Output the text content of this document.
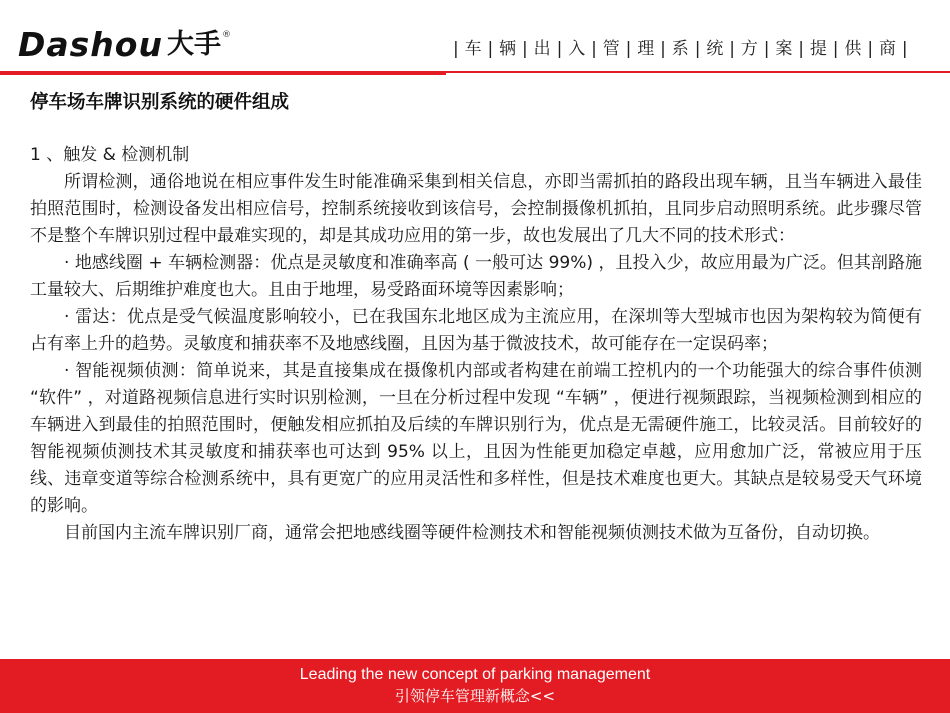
Dashou 大手 ®
|车|辆|出|入|管|理|系|统|方|案|提|供|商|
停车场车牌识别系统的硬件组成

1 、触发 & 检测机制

所谓检测，通俗地说在相应事件发生时能准确采集到相关信息，亦即当需抓拍的路段出现车辆，且当车辆进入最佳拍照范围时，检测设备发出相应信号，控制系统接收到该信号，会控制摄像机抓拍，且同步启动照明系统。此步骤尽管不是整个车牌识别过程中最难实现的，却是其成功应用的第一步，故也发展出了几大不同的技术形式：

· 地感线圈 + 车辆检测器：优点是灵敏度和准确率高 ( 一般可达 99%) ，且投入少，故应用最为广泛。但其剖路施工量较大、后期维护难度也大。且由于地埋，易受路面环境等因素影响；

· 雷达：优点是受气候温度影响较小，已在我国东北地区成为主流应用，在深圳等大型城市也因为架构较为简便有占有率上升的趋势。灵敏度和捕获率不及地感线圈，且因为基于微波技术，故可能存在一定误码率；

· 智能视频侦测：简单说来，其是直接集成在摄像机内部或者构建在前端工控机内的一个功能强大的综合事件侦测 “软件” ，对道路视频信息进行实时识别检测，一旦在分析过程中发现 “车辆” ，便进行视频跟踪，当视频检测到相应的车辆进入到最佳的拍照范围时，便触发相应抓拍及后续的车牌识别行为，优点是无需硬件施工，比较灵活。目前较好的智能视频侦测技术其灵敏度和捕获率也可达到 95% 以上，且因为性能更加稳定卓越，应用愈加广泛，常被应用于压线、违章变道等综合检测系统中，具有更宽广的应用灵活性和多样性，但是技术难度也更大。其缺点是较易受天气环境的影响。

目前国内主流车牌识别厂商，通常会把地感线圈等硬件检测技术和智能视频侦测技术做为互备份，自动切换。

Leading the new concept of parking management
引领停车管理新概念<<
